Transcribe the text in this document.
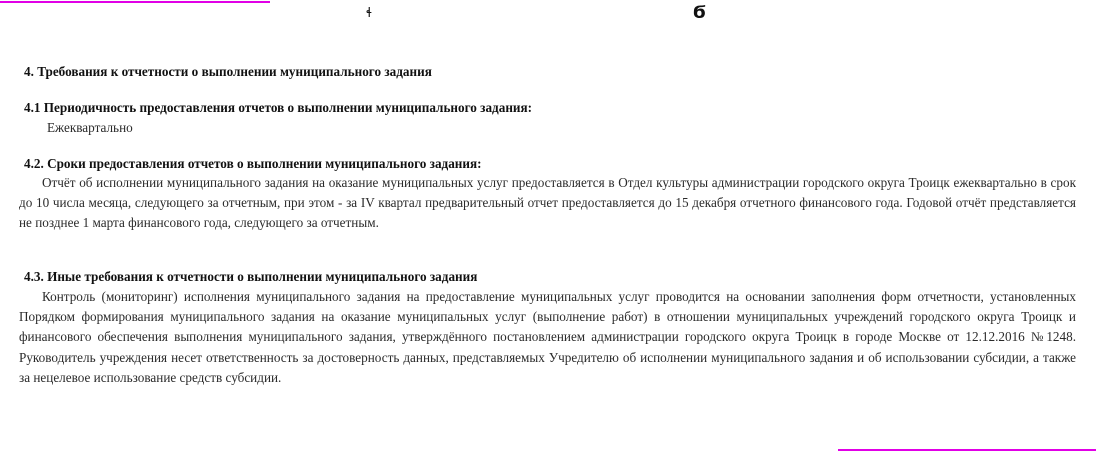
ɬ	Ϭ
4. Требования к отчетности о выполнении муниципального задания
4.1 Периодичность предоставления отчетов о выполнении муниципального задания:
Ежеквартально
4.2. Сроки предоставления отчетов о выполнении муниципального задания:
Отчёт об исполнении муниципального задания на оказание муниципальных услуг предоставляется в Отдел культуры администрации городского округа Троицк ежеквартально в срок до 10 числа месяца, следующего за отчетным, при этом - за IV квартал предварительный отчет предоставляется до 15 декабря отчетного финансового года. Годовой отчёт представляется не позднее 1 марта финансового года, следующего за отчетным.
4.3. Иные требования к отчетности о выполнении муниципального задания
Контроль (мониторинг) исполнения муниципального задания на предоставление муниципальных услуг проводится на основании заполнения форм отчетности, установленных Порядком формирования муниципального задания на оказание муниципальных услуг (выполнение работ) в отношении муниципальных учреждений городского округа Троицк и финансового обеспечения выполнения муниципального задания, утверждённого постановлением администрации городского округа Троицк в городе Москве от 12.12.2016 №1248. Руководитель учреждения несет ответственность за достоверность данных, представляемых Учредителю об исполнении муниципального задания и об использовании субсидии, а также за нецелевое использование средств субсидии.
